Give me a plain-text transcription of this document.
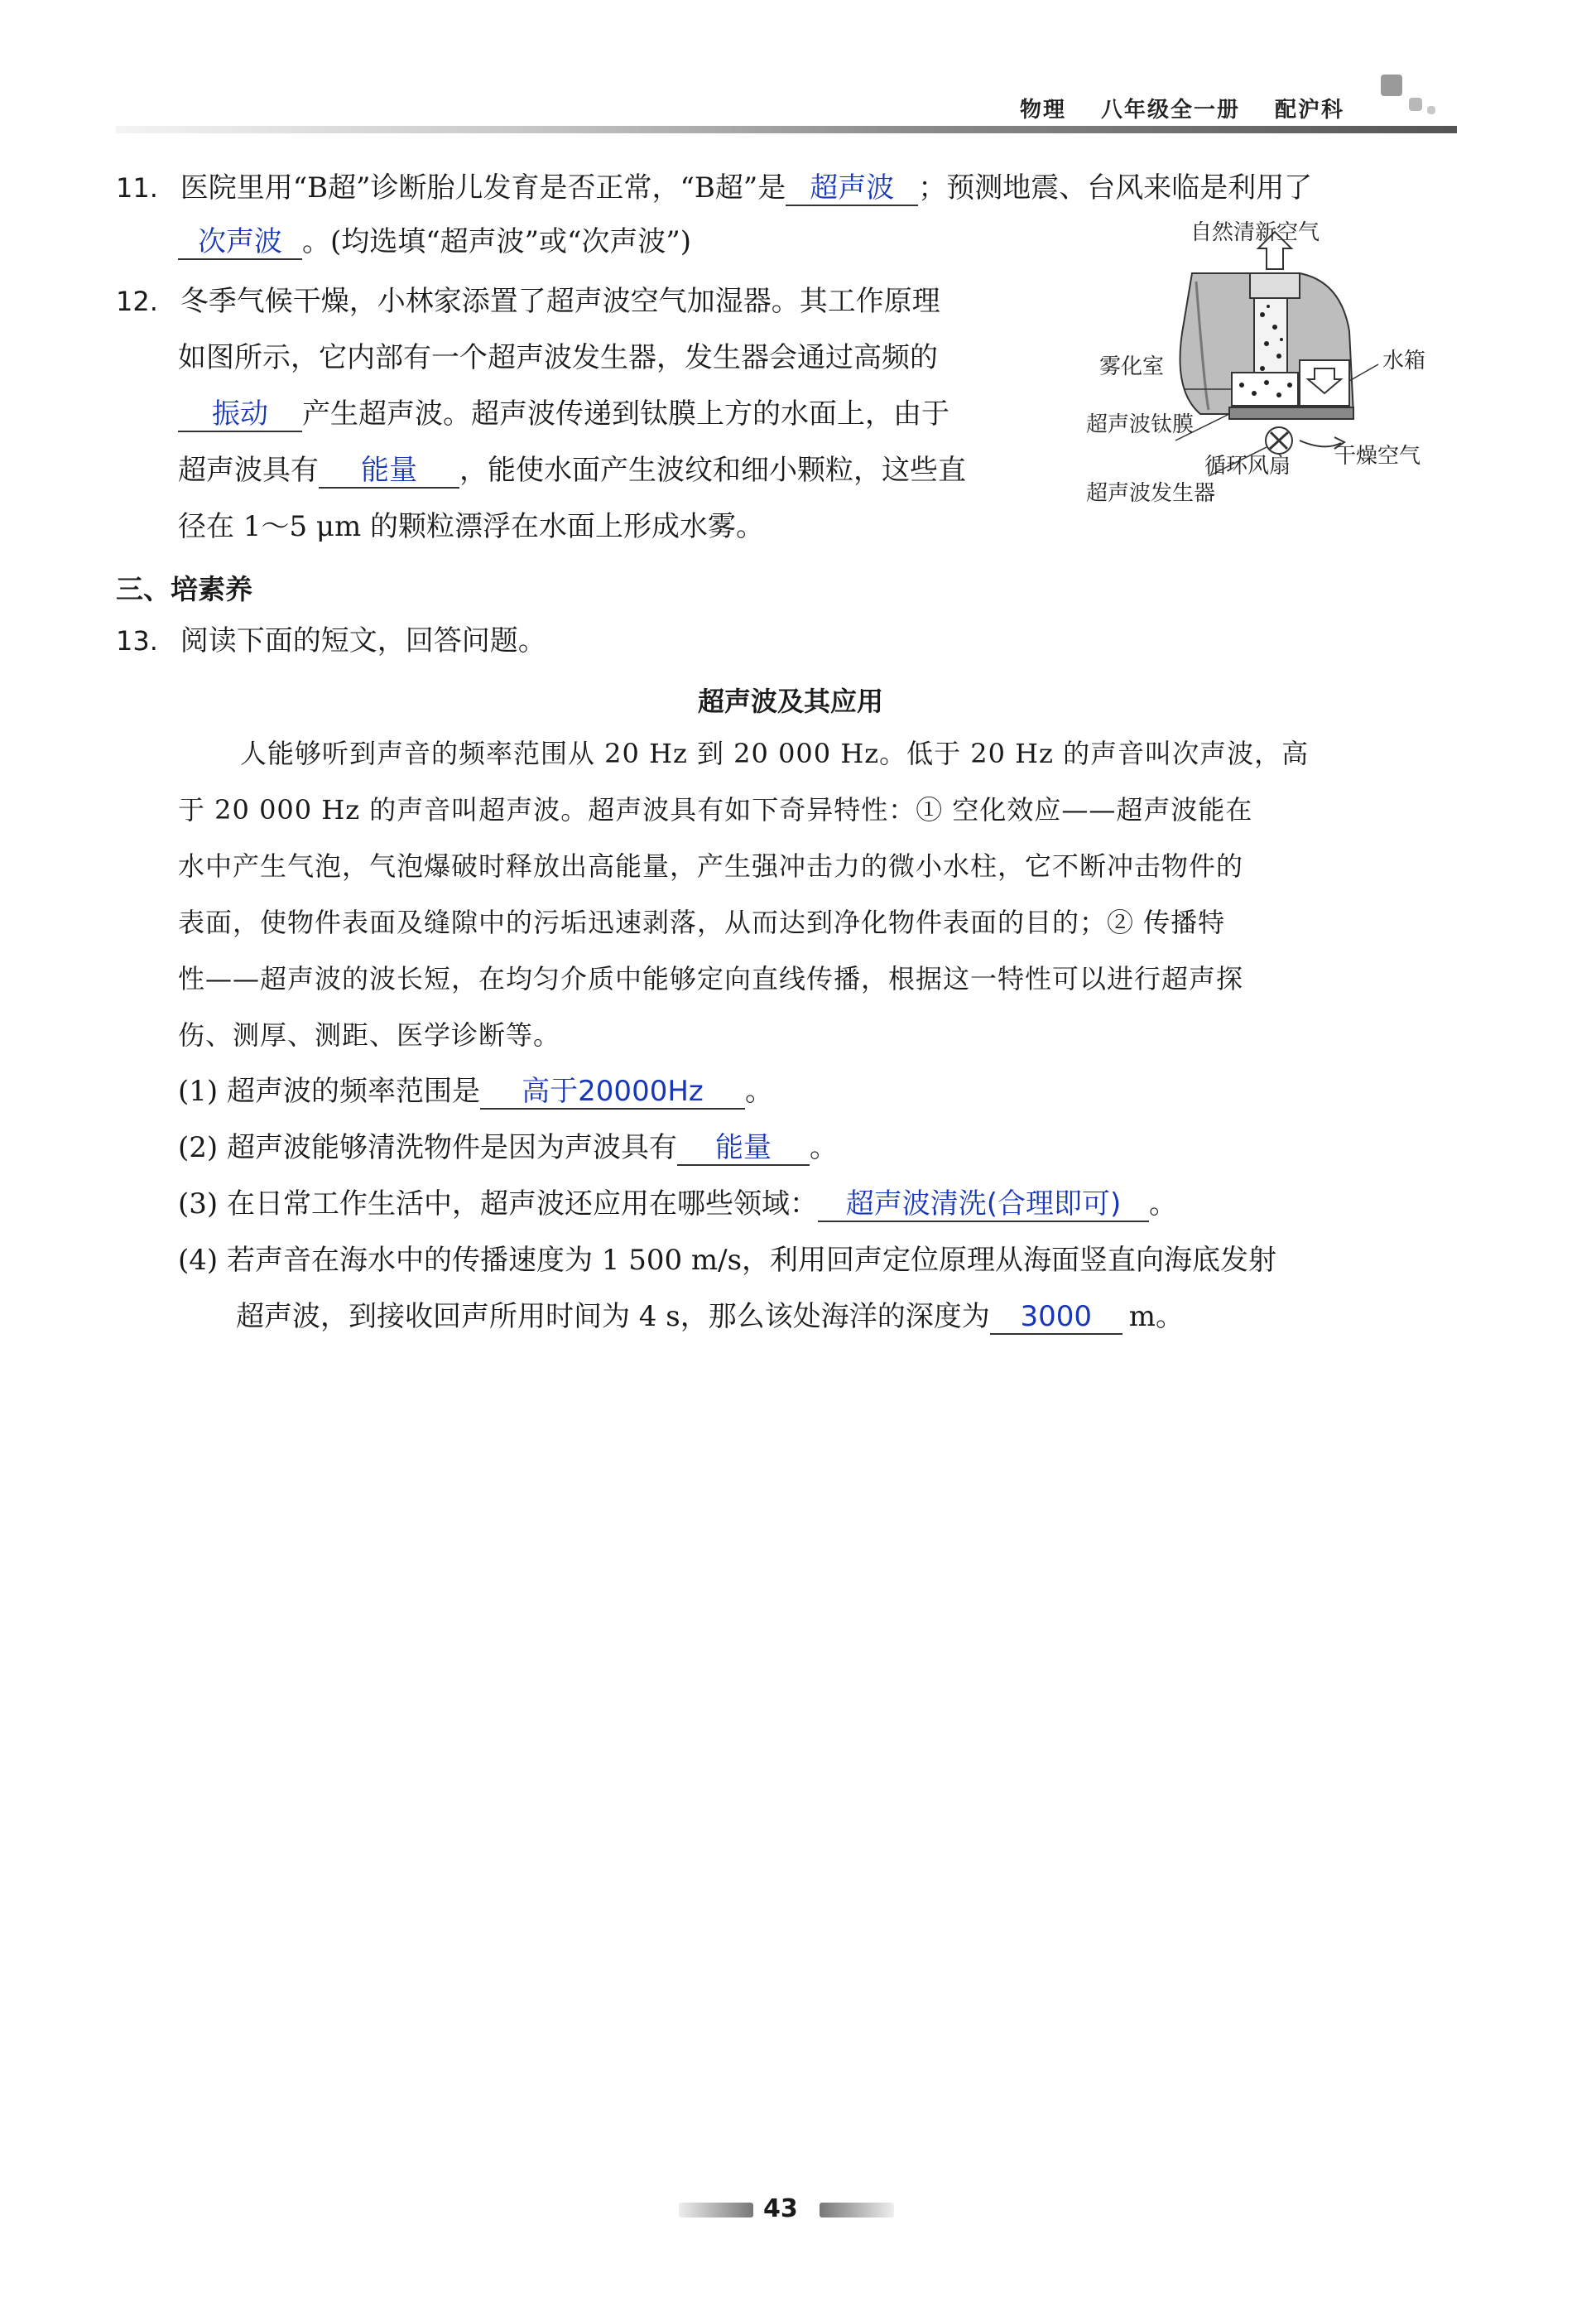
物理 八年级全一册 配沪科
11. 医院里用“B超”诊断胎儿发育是否正常，“B超”是 超声波 ；预测地震、台风来临是利用了
次声波 。(均选填“超声波”或“次声波”)
12. 冬季气候干燥，小林家添置了超声波空气加湿器。其工作原理
如图所示，它内部有一个超声波发生器，发生器会通过高频的
振动 产生超声波。超声波传递到钛膜上方的水面上，由于
超声波具有 能量 ，能使水面产生波纹和细小颗粒，这些直
径在 1～5 μm 的颗粒漂浮在水面上形成水雾。
自然清新空气
雾化室	水箱
超声波钛膜
循环风扇 干燥空气
超声波发生器
三、培素养
13. 阅读下面的短文，回答问题。
超声波及其应用
人能够听到声音的频率范围从 20 Hz 到 20 000 Hz。低于 20 Hz 的声音叫次声波，高
于 20 000 Hz 的声音叫超声波。超声波具有如下奇异特性：① 空化效应——超声波能在
水中产生气泡，气泡爆破时释放出高能量，产生强冲击力的微小水柱，它不断冲击物件的
表面，使物件表面及缝隙中的污垢迅速剥落，从而达到净化物件表面的目的；② 传播特
性——超声波的波长短，在均匀介质中能够定向直线传播，根据这一特性可以进行超声探
伤、测厚、测距、医学诊断等。
(1) 超声波的频率范围是 高于20000Hz 。
(2) 超声波能够清洗物件是因为声波具有 能量 。
(3) 在日常工作生活中，超声波还应用在哪些领域： 超声波清洗(合理即可) 。
(4) 若声音在海水中的传播速度为 1 500 m/s，利用回声定位原理从海面竖直向海底发射
超声波，到接收回声所用时间为 4 s，那么该处海洋的深度为 3000 m。
43
